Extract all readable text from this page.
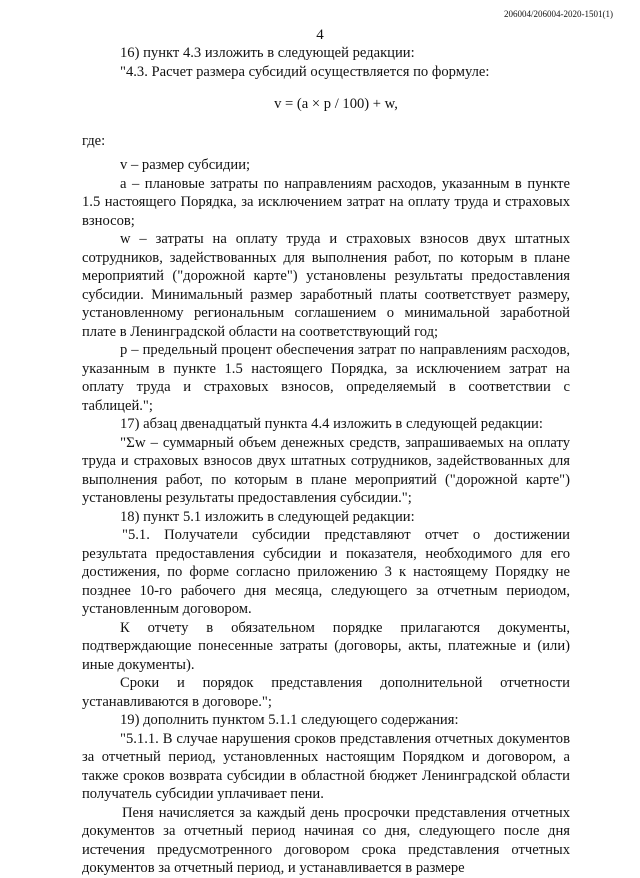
206004/206004-2020-1501(1)
4

16) пункт 4.3 изложить в следующей редакции:

"4.3. Расчет размера субсидий осуществляется по формуле:

v = (a × p / 100) + w,

где:

v – размер субсидии;

a – плановые затраты по направлениям расходов, указанным в пункте 1.5 настоящего Порядка, за исключением затрат на оплату труда и страховых взносов;

w – затраты на оплату труда и страховых взносов двух штатных сотрудников, задействованных для выполнения работ, по которым в плане мероприятий ("дорожной карте") установлены результаты предоставления субсидии. Минимальный размер заработный платы соответствует размеру, установленному региональным соглашением о минимальной заработной плате в Ленинградской области на соответствующий год;

p – предельный процент обеспечения затрат по направлениям расходов, указанным в пункте 1.5 настоящего Порядка, за исключением затрат на оплату труда и страховых взносов, определяемый в соответствии с таблицей.";

17) абзац двенадцатый пункта 4.4 изложить в следующей редакции:

"Σw – суммарный объем денежных средств, запрашиваемых на оплату труда и страховых взносов двух штатных сотрудников, задействованных для выполнения работ, по которым в плане мероприятий ("дорожной карте") установлены результаты предоставления субсидии.";

18) пункт 5.1 изложить в следующей редакции:

"5.1. Получатели субсидии представляют отчет о достижении результата предоставления субсидии и показателя, необходимого для его достижения, по форме согласно приложению 3 к настоящему Порядку не позднее 10-го рабочего дня месяца, следующего за отчетным периодом, установленным договором.

К отчету в обязательном порядке прилагаются документы, подтверждающие понесенные затраты (договоры, акты, платежные и (или) иные документы).

Сроки и порядок представления дополнительной отчетности устанавливаются в договоре.";

19) дополнить пунктом 5.1.1 следующего содержания:

"5.1.1. В случае нарушения сроков представления отчетных документов за отчетный период, установленных настоящим Порядком и договором, а также сроков возврата субсидии в областной бюджет Ленинградской области получатель субсидии уплачивает пени.

Пеня начисляется за каждый день просрочки представления отчетных документов за отчетный период начиная со дня, следующего после дня истечения предусмотренного договором срока представления отчетных документов за отчетный период, и устанавливается в размере
